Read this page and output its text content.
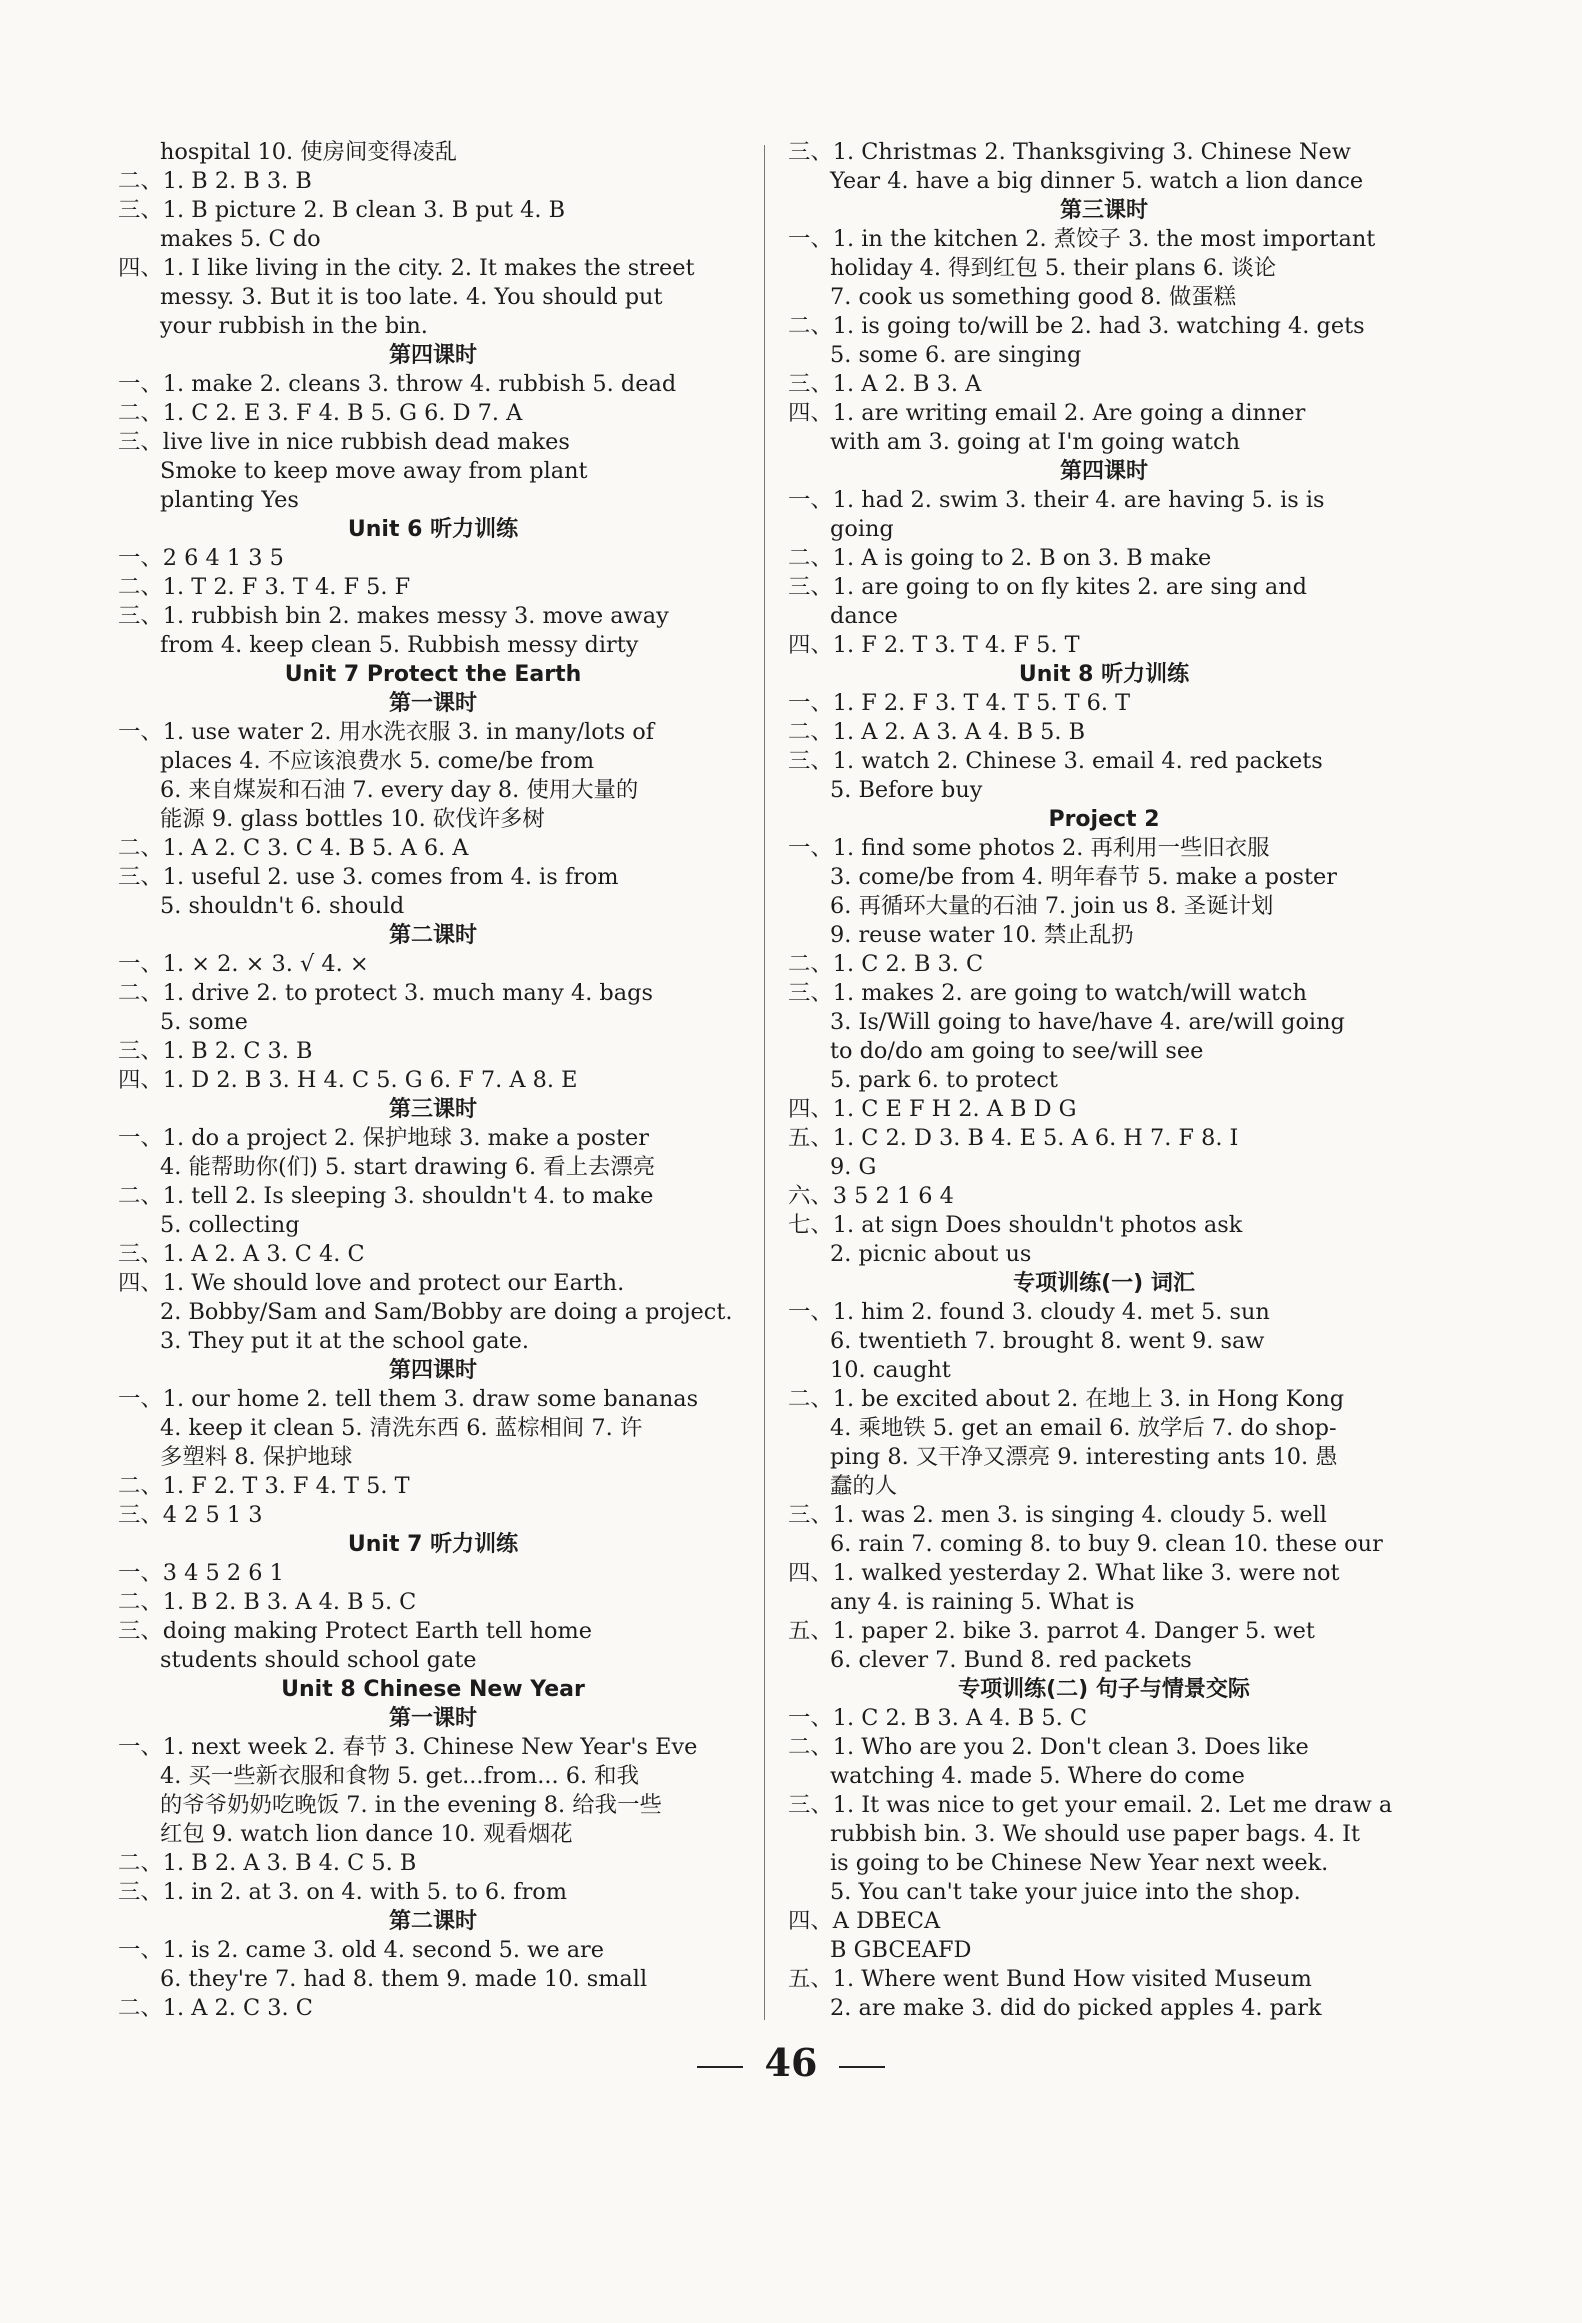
hospital 10. 使房间变得凌乱
二、1. B 2. B 3. B
三、1. B picture 2. B clean 3. B put 4. B
makes 5. C do
四、1. I like living in the city. 2. It makes the street
messy. 3. But it is too late. 4. You should put
your rubbish in the bin.
第四课时
一、1. make 2. cleans 3. throw 4. rubbish 5. dead
二、1. C 2. E 3. F 4. B 5. G 6. D 7. A
三、live live in nice rubbish dead makes
Smoke to keep move away from plant
planting Yes
Unit 6 听力训练
一、2 6 4 1 3 5
二、1. T 2. F 3. T 4. F 5. F
三、1. rubbish bin 2. makes messy 3. move away
from 4. keep clean 5. Rubbish messy dirty
Unit 7 Protect the Earth
第一课时
一、1. use water 2. 用水洗衣服 3. in many/lots of
places 4. 不应该浪费水 5. come/be from
6. 来自煤炭和石油 7. every day 8. 使用大量的
能源 9. glass bottles 10. 砍伐许多树
二、1. A 2. C 3. C 4. B 5. A 6. A
三、1. useful 2. use 3. comes from 4. is from
5. shouldn't 6. should
第二课时
一、1. × 2. × 3. √ 4. ×
二、1. drive 2. to protect 3. much many 4. bags
5. some
三、1. B 2. C 3. B
四、1. D 2. B 3. H 4. C 5. G 6. F 7. A 8. E
第三课时
一、1. do a project 2. 保护地球 3. make a poster
4. 能帮助你(们) 5. start drawing 6. 看上去漂亮
二、1. tell 2. Is sleeping 3. shouldn't 4. to make
5. collecting
三、1. A 2. A 3. C 4. C
四、1. We should love and protect our Earth.
2. Bobby/Sam and Sam/Bobby are doing a project.
3. They put it at the school gate.
第四课时
一、1. our home 2. tell them 3. draw some bananas
4. keep it clean 5. 清洗东西 6. 蓝棕相间 7. 许
多塑料 8. 保护地球
二、1. F 2. T 3. F 4. T 5. T
三、4 2 5 1 3
Unit 7 听力训练
一、3 4 5 2 6 1
二、1. B 2. B 3. A 4. B 5. C
三、doing making Protect Earth tell home
students should school gate
Unit 8 Chinese New Year
第一课时
一、1. next week 2. 春节 3. Chinese New Year's Eve
4. 买一些新衣服和食物 5. get...from... 6. 和我
的爷爷奶奶吃晚饭 7. in the evening 8. 给我一些
红包 9. watch lion dance 10. 观看烟花
二、1. B 2. A 3. B 4. C 5. B
三、1. in 2. at 3. on 4. with 5. to 6. from
第二课时
一、1. is 2. came 3. old 4. second 5. we are
6. they're 7. had 8. them 9. made 10. small
二、1. A 2. C 3. C
三、1. Christmas 2. Thanksgiving 3. Chinese New
Year 4. have a big dinner 5. watch a lion dance
第三课时
一、1. in the kitchen 2. 煮饺子 3. the most important
holiday 4. 得到红包 5. their plans 6. 谈论
7. cook us something good 8. 做蛋糕
二、1. is going to/will be 2. had 3. watching 4. gets
5. some 6. are singing
三、1. A 2. B 3. A
四、1. are writing email 2. Are going a dinner
with am 3. going at I'm going watch
第四课时
一、1. had 2. swim 3. their 4. are having 5. is is
going
二、1. A is going to 2. B on 3. B make
三、1. are going to on fly kites 2. are sing and
dance
四、1. F 2. T 3. T 4. F 5. T
Unit 8 听力训练
一、1. F 2. F 3. T 4. T 5. T 6. T
二、1. A 2. A 3. A 4. B 5. B
三、1. watch 2. Chinese 3. email 4. red packets
5. Before buy
Project 2
一、1. find some photos 2. 再利用一些旧衣服
3. come/be from 4. 明年春节 5. make a poster
6. 再循环大量的石油 7. join us 8. 圣诞计划
9. reuse water 10. 禁止乱扔
二、1. C 2. B 3. C
三、1. makes 2. are going to watch/will watch
3. Is/Will going to have/have 4. are/will going
to do/do am going to see/will see
5. park 6. to protect
四、1. C E F H 2. A B D G
五、1. C 2. D 3. B 4. E 5. A 6. H 7. F 8. I
9. G
六、3 5 2 1 6 4
七、1. at sign Does shouldn't photos ask
2. picnic about us
专项训练(一) 词汇
一、1. him 2. found 3. cloudy 4. met 5. sun
6. twentieth 7. brought 8. went 9. saw
10. caught
二、1. be excited about 2. 在地上 3. in Hong Kong
4. 乘地铁 5. get an email 6. 放学后 7. do shop-
ping 8. 又干净又漂亮 9. interesting ants 10. 愚
蠢的人
三、1. was 2. men 3. is singing 4. cloudy 5. well
6. rain 7. coming 8. to buy 9. clean 10. these our
四、1. walked yesterday 2. What like 3. were not
any 4. is raining 5. What is
五、1. paper 2. bike 3. parrot 4. Danger 5. wet
6. clever 7. Bund 8. red packets
专项训练(二) 句子与情景交际
一、1. C 2. B 3. A 4. B 5. C
二、1. Who are you 2. Don't clean 3. Does like
watching 4. made 5. Where do come
三、1. It was nice to get your email. 2. Let me draw a
rubbish bin. 3. We should use paper bags. 4. It
is going to be Chinese New Year next week.
5. You can't take your juice into the shop.
四、A DBECA
B GBCEAFD
五、1. Where went Bund How visited Museum
2. are make 3. did do picked apples 4. park
46
